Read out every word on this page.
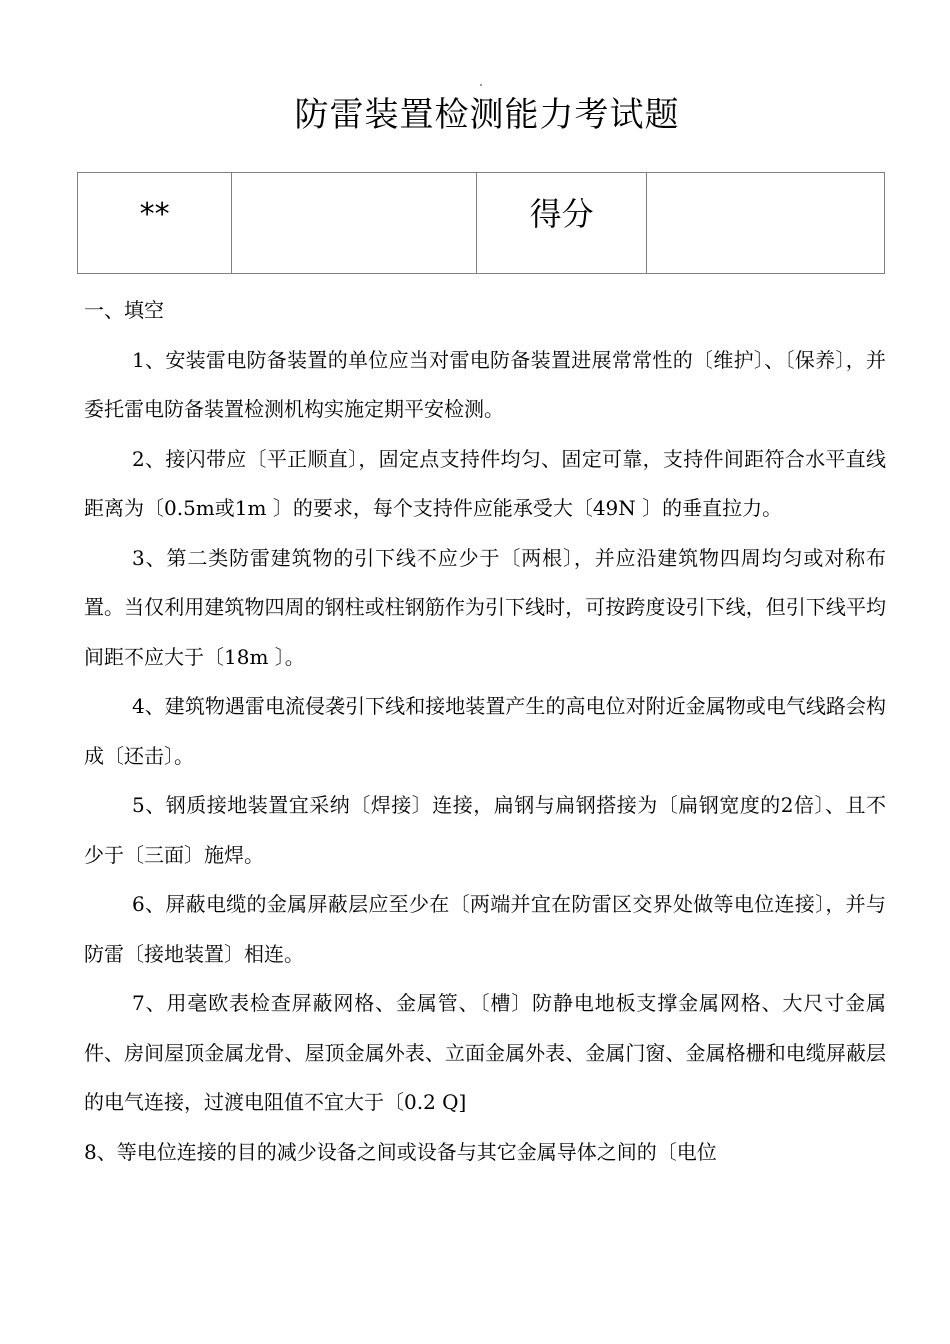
防雷装置检测能力考试题
**		得分	

一、填空

1、安装雷电防备装置的单位应当对雷电防备装置进展常常性的〔维护〕、〔保养〕，并委托雷电防备装置检测机构实施定期平安检测。

2、接闪带应〔平正顺直〕，固定点支持件均匀、固定可靠，支持件间距符合水平直线距离为〔0.5m或1m 〕的要求，每个支持件应能承受大〔49N 〕的垂直拉力。

3、第二类防雷建筑物的引下线不应少于〔两根〕，并应沿建筑物四周均匀或对称布置。当仅利用建筑物四周的钢柱或柱钢筋作为引下线时，可按跨度设引下线，但引下线平均间距不应大于〔18m 〕。

4、建筑物遇雷电流侵袭引下线和接地装置产生的高电位对附近金属物或电气线路会构成〔还击〕。

5、钢质接地装置宜采纳〔焊接〕连接，扁钢与扁钢搭接为〔扁钢宽度的2倍〕、且不少于〔三面〕施焊。

6、屏蔽电缆的金属屏蔽层应至少在〔两端并宜在防雷区交界处做等电位连接〕，并与防雷〔接地装置〕相连。

7、用毫欧表检查屏蔽网格、金属管、〔槽〕防静电地板支撑金属网格、大尺寸金属件、房间屋顶金属龙骨、屋顶金属外表、立面金属外表、金属门窗、金属格栅和电缆屏蔽层的电气连接，过渡电阻值不宜大于〔0.2 Q]

8、等电位连接的目的减少设备之间或设备与其它金属导体之间的〔电位
